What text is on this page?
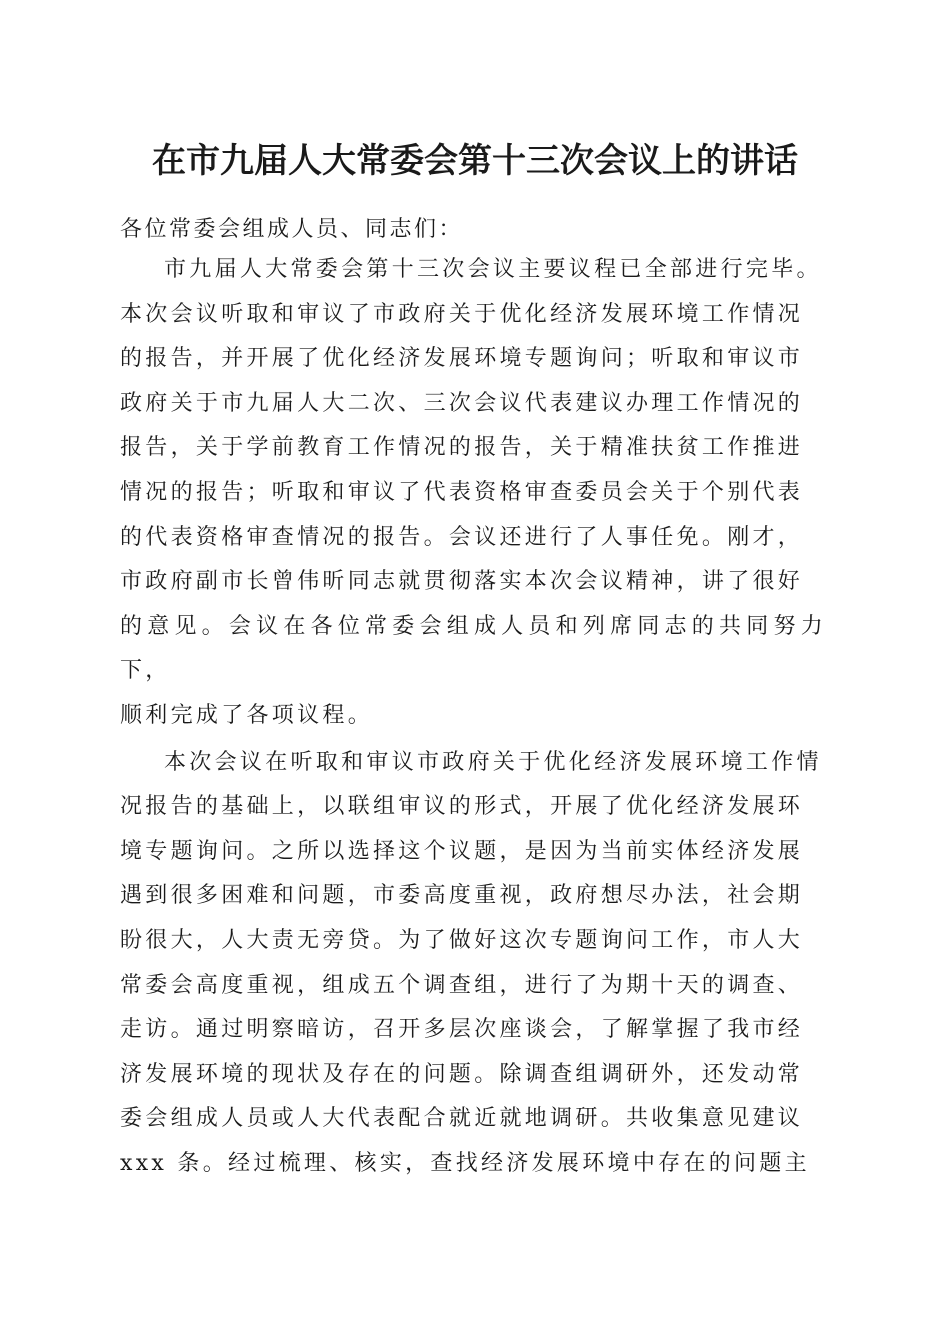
在市九届人大常委会第十三次会议上的讲话

各位常委会组成人员、同志们：

市九届人大常委会第十三次会议主要议程已全部进行完毕。
本次会议听取和审议了市政府关于优化经济发展环境工作情况
的报告，并开展了优化经济发展环境专题询问；听取和审议市
政府关于市九届人大二次、三次会议代表建议办理工作情况的
报告，关于学前教育工作情况的报告，关于精准扶贫工作推进
情况的报告；听取和审议了代表资格审查委员会关于个别代表
的代表资格审查情况的报告。会议还进行了人事任免。刚才，
市政府副市长曾伟昕同志就贯彻落实本次会议精神，讲了很好
的意见。会议在各位常委会组成人员和列席同志的共同努力下，
顺利完成了各项议程。

本次会议在听取和审议市政府关于优化经济发展环境工作情
况报告的基础上，以联组审议的形式，开展了优化经济发展环
境专题询问。之所以选择这个议题，是因为当前实体经济发展
遇到很多困难和问题，市委高度重视，政府想尽办法，社会期
盼很大，人大责无旁贷。为了做好这次专题询问工作，市人大
常委会高度重视，组成五个调查组，进行了为期十天的调查、
走访。通过明察暗访，召开多层次座谈会，了解掌握了我市经
济发展环境的现状及存在的问题。除调查组调研外，还发动常
委会组成人员或人大代表配合就近就地调研。共收集意见建议
xxx 条。经过梳理、核实，查找经济发展环境中存在的问题主
